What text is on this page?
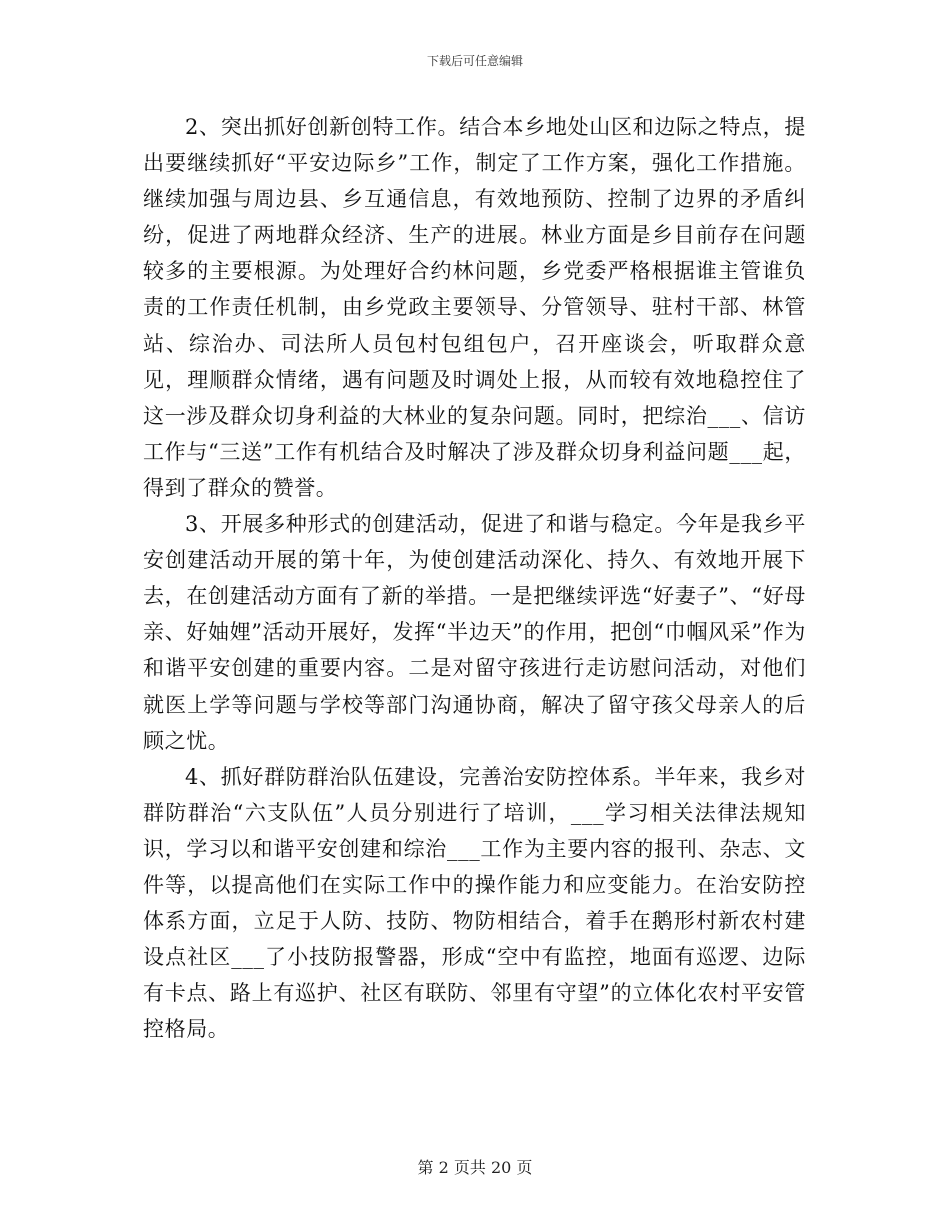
下载后可任意编辑

2、突出抓好创新创特工作。结合本乡地处山区和边际之特点，提出要继续抓好“平安边际乡”工作，制定了工作方案，强化工作措施。继续加强与周边县、乡互通信息，有效地预防、控制了边界的矛盾纠纷，促进了两地群众经济、生产的进展。林业方面是乡目前存在问题较多的主要根源。为处理好合约林问题，乡党委严格根据谁主管谁负责的工作责任机制，由乡党政主要领导、分管领导、驻村干部、林管站、综治办、司法所人员包村包组包户，召开座谈会，听取群众意见，理顺群众情绪，遇有问题及时调处上报，从而较有效地稳控住了这一涉及群众切身利益的大林业的复杂问题。同时，把综治___、信访工作与“三送”工作有机结合及时解决了涉及群众切身利益问题___起，得到了群众的赞誉。

3、开展多种形式的创建活动，促进了和谐与稳定。今年是我乡平安创建活动开展的第十年，为使创建活动深化、持久、有效地开展下去，在创建活动方面有了新的举措。一是把继续评选“好妻子”、“好母亲、好妯娌”活动开展好，发挥“半边天”的作用，把创“巾帼风采”作为和谐平安创建的重要内容。二是对留守孩进行走访慰问活动，对他们就医上学等问题与学校等部门沟通协商，解决了留守孩父母亲人的后顾之忧。

4、抓好群防群治队伍建设，完善治安防控体系。半年来，我乡对群防群治“六支队伍”人员分别进行了培训，___学习相关法律法规知识，学习以和谐平安创建和综治___工作为主要内容的报刊、杂志、文件等，以提高他们在实际工作中的操作能力和应变能力。在治安防控体系方面，立足于人防、技防、物防相结合，着手在鹅形村新农村建设点社区___了小技防报警器，形成“空中有监控，地面有巡逻、边际有卡点、路上有巡护、社区有联防、邻里有守望”的立体化农村平安管控格局。

第 2 页共 20 页
